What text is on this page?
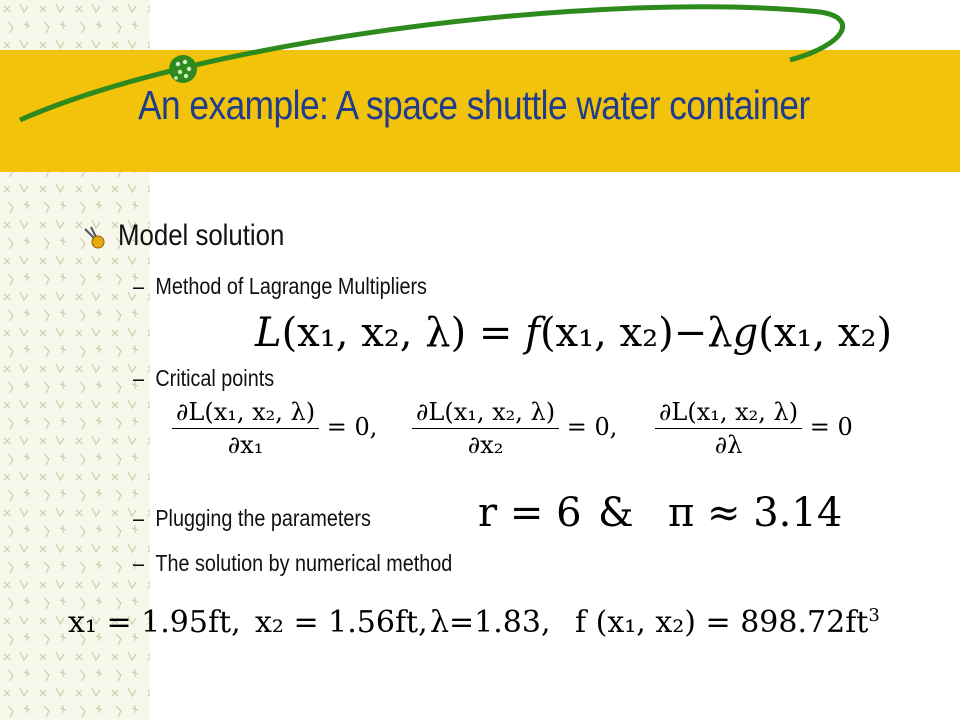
An example: A space shuttle water container
Model solution
– Method of Lagrange Multipliers
– Critical points
– Plugging the parameters
– The solution by numerical method
L(x₁, x₂, λ) = f(x₁, x₂)−λg(x₁, x₂)
$\frac{\text{∂L(x₁, x₂, λ)}}{\text{∂x₁}} = 0$, $\frac{\text{∂L(x₁, x₂, λ)}}{\text{∂x₂}} = 0$, $\frac{\text{∂L(x₁, x₂, λ)}}{\partial\lambda} = 0$
r = 6 & π ≈ 3.14
x₁ = 1.95ft, x₂ = 1.56ft, λ=1.83, f (x₁, $x_2) = 898.72ft^3$
